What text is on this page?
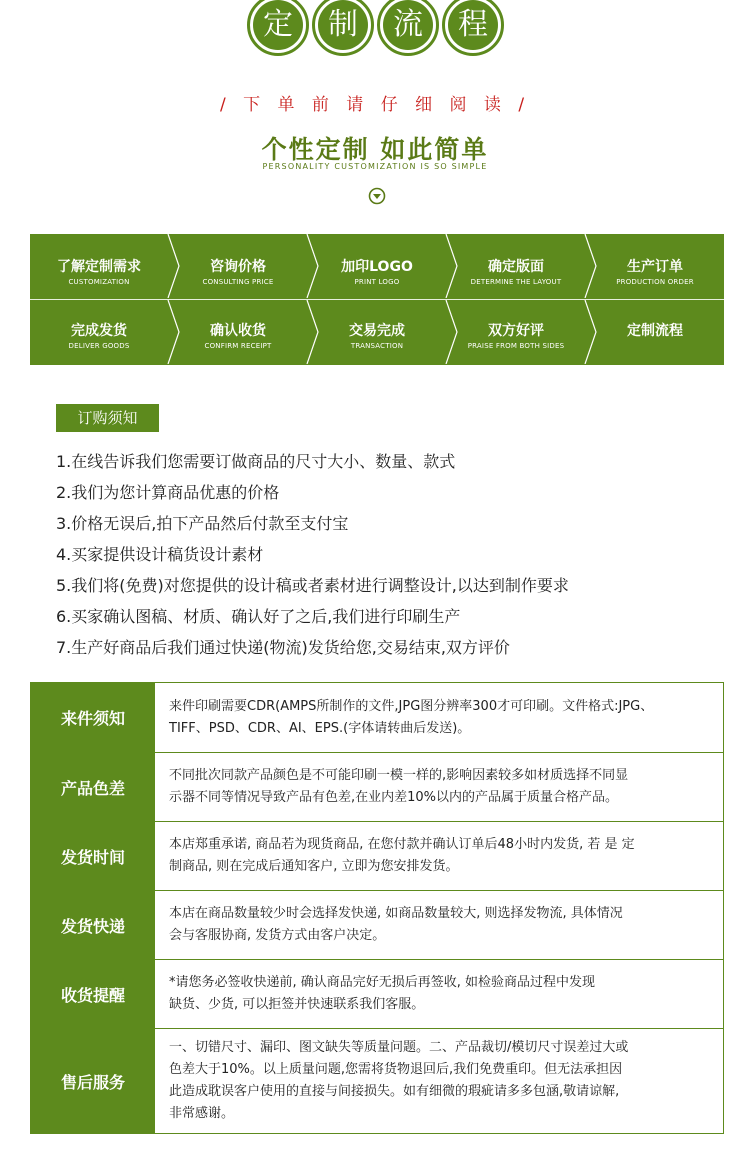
定	制	流	程
/ 下 单 前 请 仔 细 阅 读 /
个性定制 如此简单
PERSONALITY CUSTOMIZATION IS SO SIMPLE
了解定制需求
CUSTOMIZATION
咨询价格
CONSULTING PRICE
加印LOGO
PRINT LOGO
确定版面
DETERMINE THE LAYOUT
生产订单
PRODUCTION ORDER
完成发货
DELIVER GOODS
确认收货
CONFIRM RECEIPT
交易完成
TRANSACTION
双方好评
PRAISE FROM BOTH SIDES
定制流程
订购须知
1.在线告诉我们您需要订做商品的尺寸大小、数量、款式
2.我们为您计算商品优惠的价格
3.价格无误后,拍下产品然后付款至支付宝
4.买家提供设计稿货设计素材
5.我们将(免费)对您提供的设计稿或者素材进行调整设计,以达到制作要求
6.买家确认图稿、材质、确认好了之后,我们进行印刷生产
7.生产好商品后我们通过快递(物流)发货给您,交易结束,双方评价
来件须知
来件印刷需要CDR(AMPS所制作的文件,JPG图分辨率300才可印刷。文件格式:JPG、
TIFF、PSD、CDR、AI、EPS.(字体请转曲后发送)。
产品色差
不同批次同款产品颜色是不可能印刷一模一样的,影响因素较多如材质选择不同显
示器不同等情况导致产品有色差,在业内差10%以内的产品属于质量合格产品。
发货时间
本店郑重承诺, 商品若为现货商品, 在您付款并确认订单后48小时内发货, 若 是 定
制商品, 则在完成后通知客户, 立即为您安排发货。
发货快递
本店在商品数量较少时会选择发快递, 如商品数量较大, 则选择发物流, 具体情况
会与客服协商, 发货方式由客户决定。
收货提醒
*请您务必签收快递前, 确认商品完好无损后再签收, 如检验商品过程中发现
缺货、少货, 可以拒签并快速联系我们客服。
售后服务
一、切错尺寸、漏印、图文缺失等质量问题。二、产品裁切/模切尺寸误差过大或
色差大于10%。以上质量问题,您需将货物退回后,我们免费重印。但无法承担因
此造成耽误客户使用的直接与间接损失。如有细微的瑕疵请多多包涵,敬请谅解,
非常感谢。
